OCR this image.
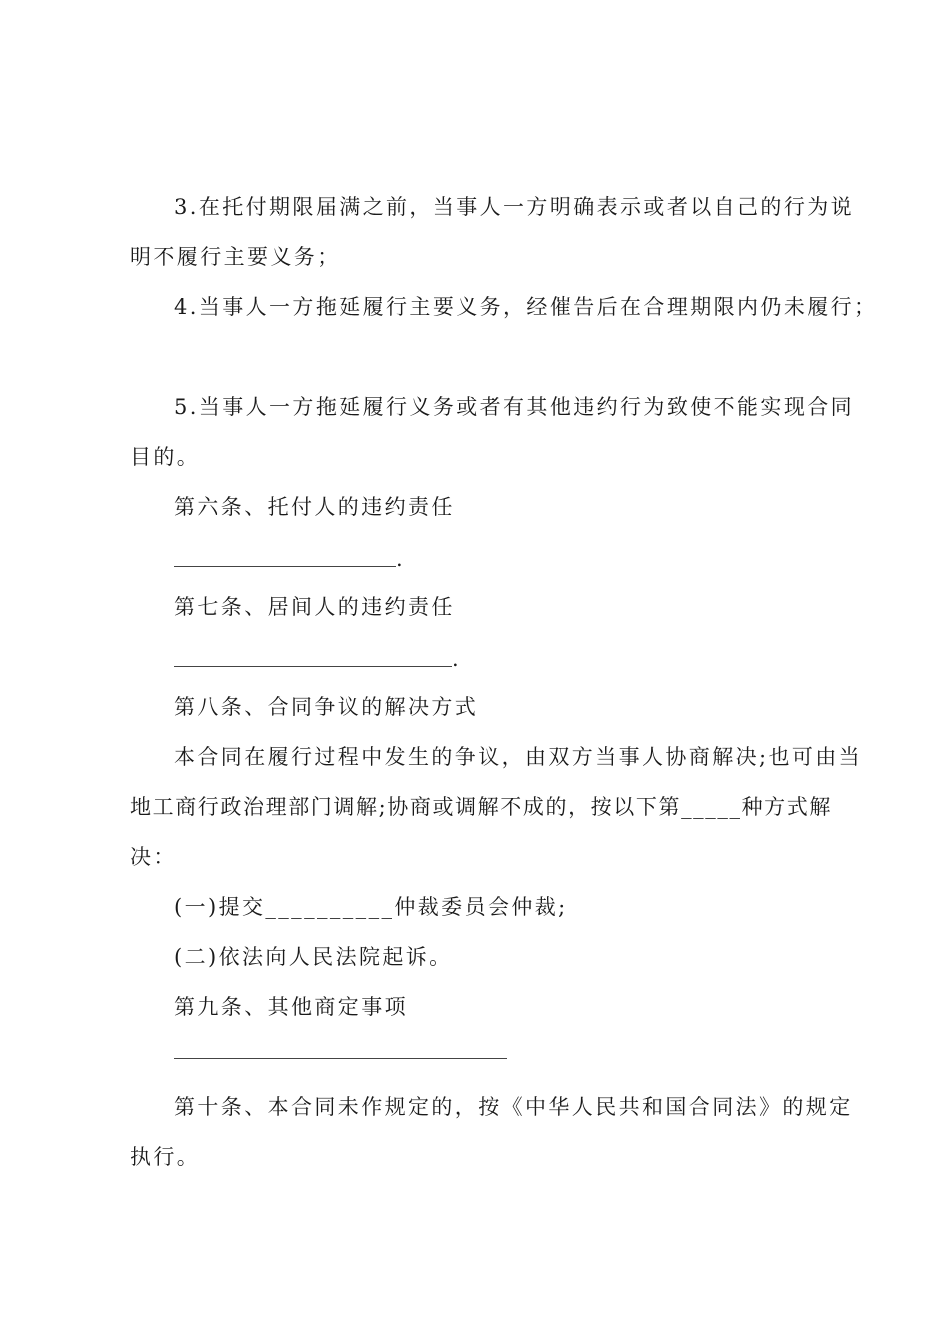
3.在托付期限届满之前，当事人一方明确表示或者以自己的行为说
明不履行主要义务；
4.当事人一方拖延履行主要义务，经催告后在合理期限内仍未履行；
5.当事人一方拖延履行义务或者有其他违约行为致使不能实现合同
目的。
第六条、托付人的违约责任
.
第七条、居间人的违约责任
.
第八条、合同争议的解决方式
本合同在履行过程中发生的争议，由双方当事人协商解决;也可由当
地工商行政治理部门调解;协商或调解不成的，按以下第_____种方式解
决：
(一)提交__________仲裁委员会仲裁;
(二)依法向人民法院起诉。
第九条、其他商定事项
第十条、本合同未作规定的，按《中华人民共和国合同法》的规定
执行。
